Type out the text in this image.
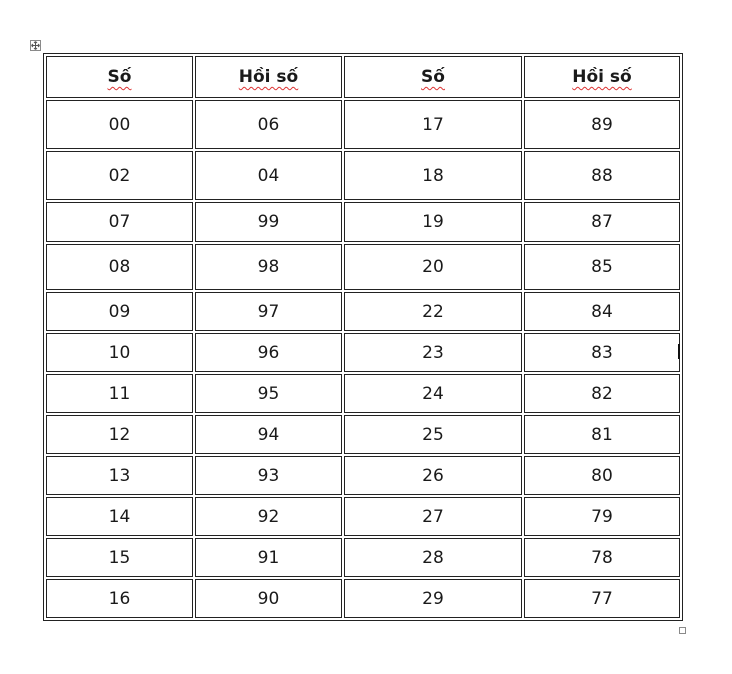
Số	Hồi số	Số	Hồi số
00	06	17	89
02	04	18	88
07	99	19	87
08	98	20	85
09	97	22	84
10	96	23	83
11	95	24	82
12	94	25	81
13	93	26	80
14	92	27	79
15	91	28	78
16	90	29	77
